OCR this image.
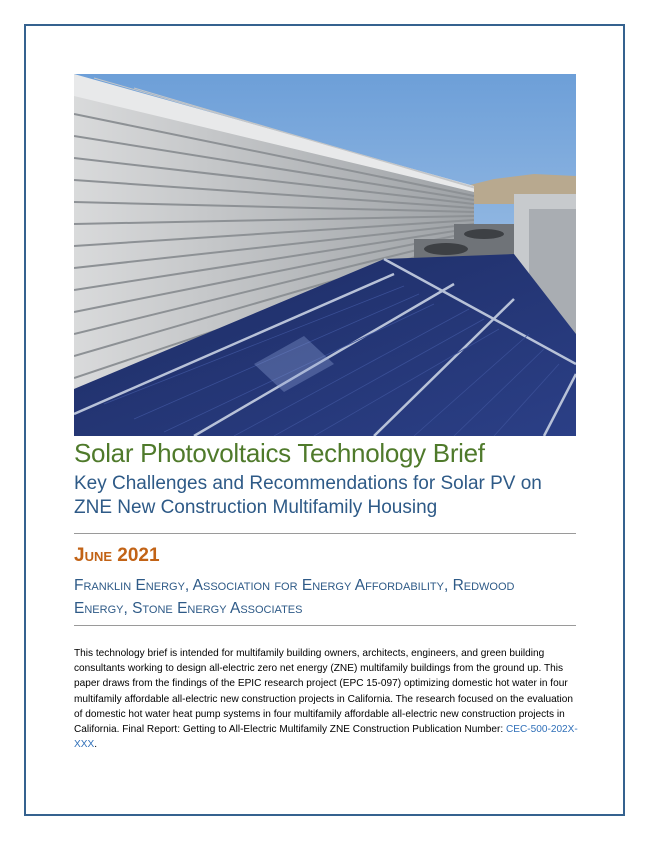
Solar Photovoltaics Technology Brief
Key Challenges and Recommendations for Solar PV on
ZNE New Construction Multifamily Housing
June 2021
Franklin Energy, Association for Energy Affordability, Redwood
Energy, Stone Energy Associates
This technology brief is intended for multifamily building owners, architects, engineers, and green building consultants working to design all-electric zero net energy (ZNE) multifamily buildings from the ground up. This paper draws from the findings of the EPIC research project (EPC 15-097) optimizing domestic hot water in four multifamily affordable all-electric new construction projects in California. The research focused on the evaluation of domestic hot water heat pump systems in four multifamily affordable all-electric new construction projects in California. Final Report: Getting to All-Electric Multifamily ZNE Construction Publication Number: CEC-500-202X-XXX.
